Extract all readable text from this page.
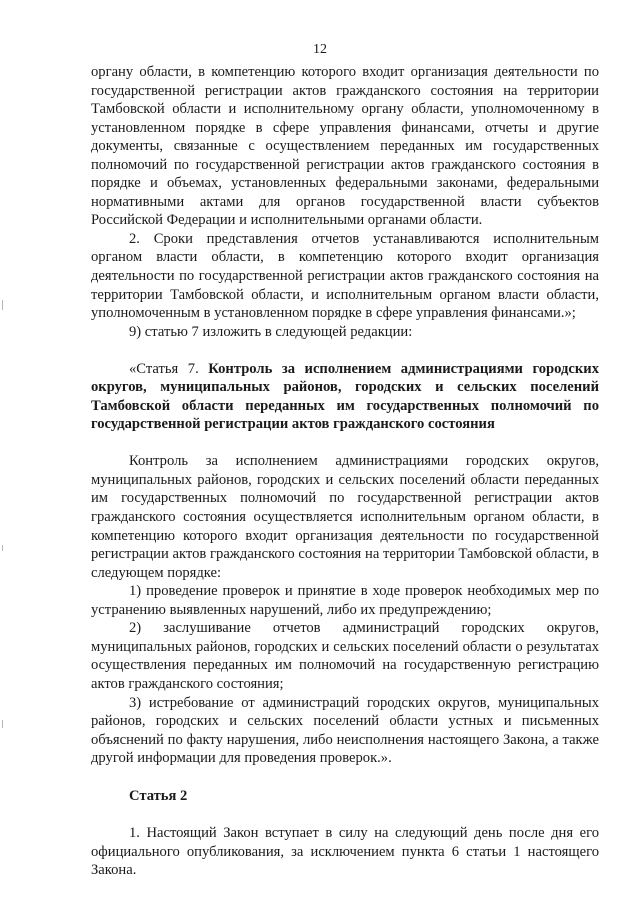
12

органу области, в компетенцию которого входит организация деятельности по государственной регистрации актов гражданского состояния на территории Тамбовской области и исполнительному органу области, уполномоченному в установленном порядке в сфере управления финансами, отчеты и другие документы, связанные с осуществлением переданных им государственных полномочий по государственной регистрации актов гражданского состояния в порядке и объемах, установленных федеральными законами, федеральными нормативными актами для органов государственной власти субъектов Российской Федерации и исполнительными органами области.

2. Сроки представления отчетов устанавливаются исполнительным органом власти области, в компетенцию которого входит организация деятельности по государственной регистрации актов гражданского состояния на территории Тамбовской области, и исполнительным органом власти области, уполномоченным в установленном порядке в сфере управления финансами.»;

9) статью 7 изложить в следующей редакции:

«Статья 7. Контроль за исполнением администрациями городских округов, муниципальных районов, городских и сельских поселений Тамбовской области переданных им государственных полномочий по государственной регистрации актов гражданского состояния

Контроль за исполнением администрациями городских округов, муниципальных районов, городских и сельских поселений области переданных им государственных полномочий по государственной регистрации актов гражданского состояния осуществляется исполнительным органом области, в компетенцию которого входит организация деятельности по государственной регистрации актов гражданского состояния на территории Тамбовской области, в следующем порядке:

1) проведение проверок и принятие в ходе проверок необходимых мер по устранению выявленных нарушений, либо их предупреждению;

2) заслушивание отчетов администраций городских округов, муниципальных районов, городских и сельских поселений области о результатах осуществления переданных им полномочий на государственную регистрацию актов гражданского состояния;

3) истребование от администраций городских округов, муниципальных районов, городских и сельских поселений области устных и письменных объяснений по факту нарушения, либо неисполнения настоящего Закона, а также другой информации для проведения проверок.».

Статья 2

1. Настоящий Закон вступает в силу на следующий день после дня его официального опубликования, за исключением пункта 6 статьи 1 настоящего Закона.
